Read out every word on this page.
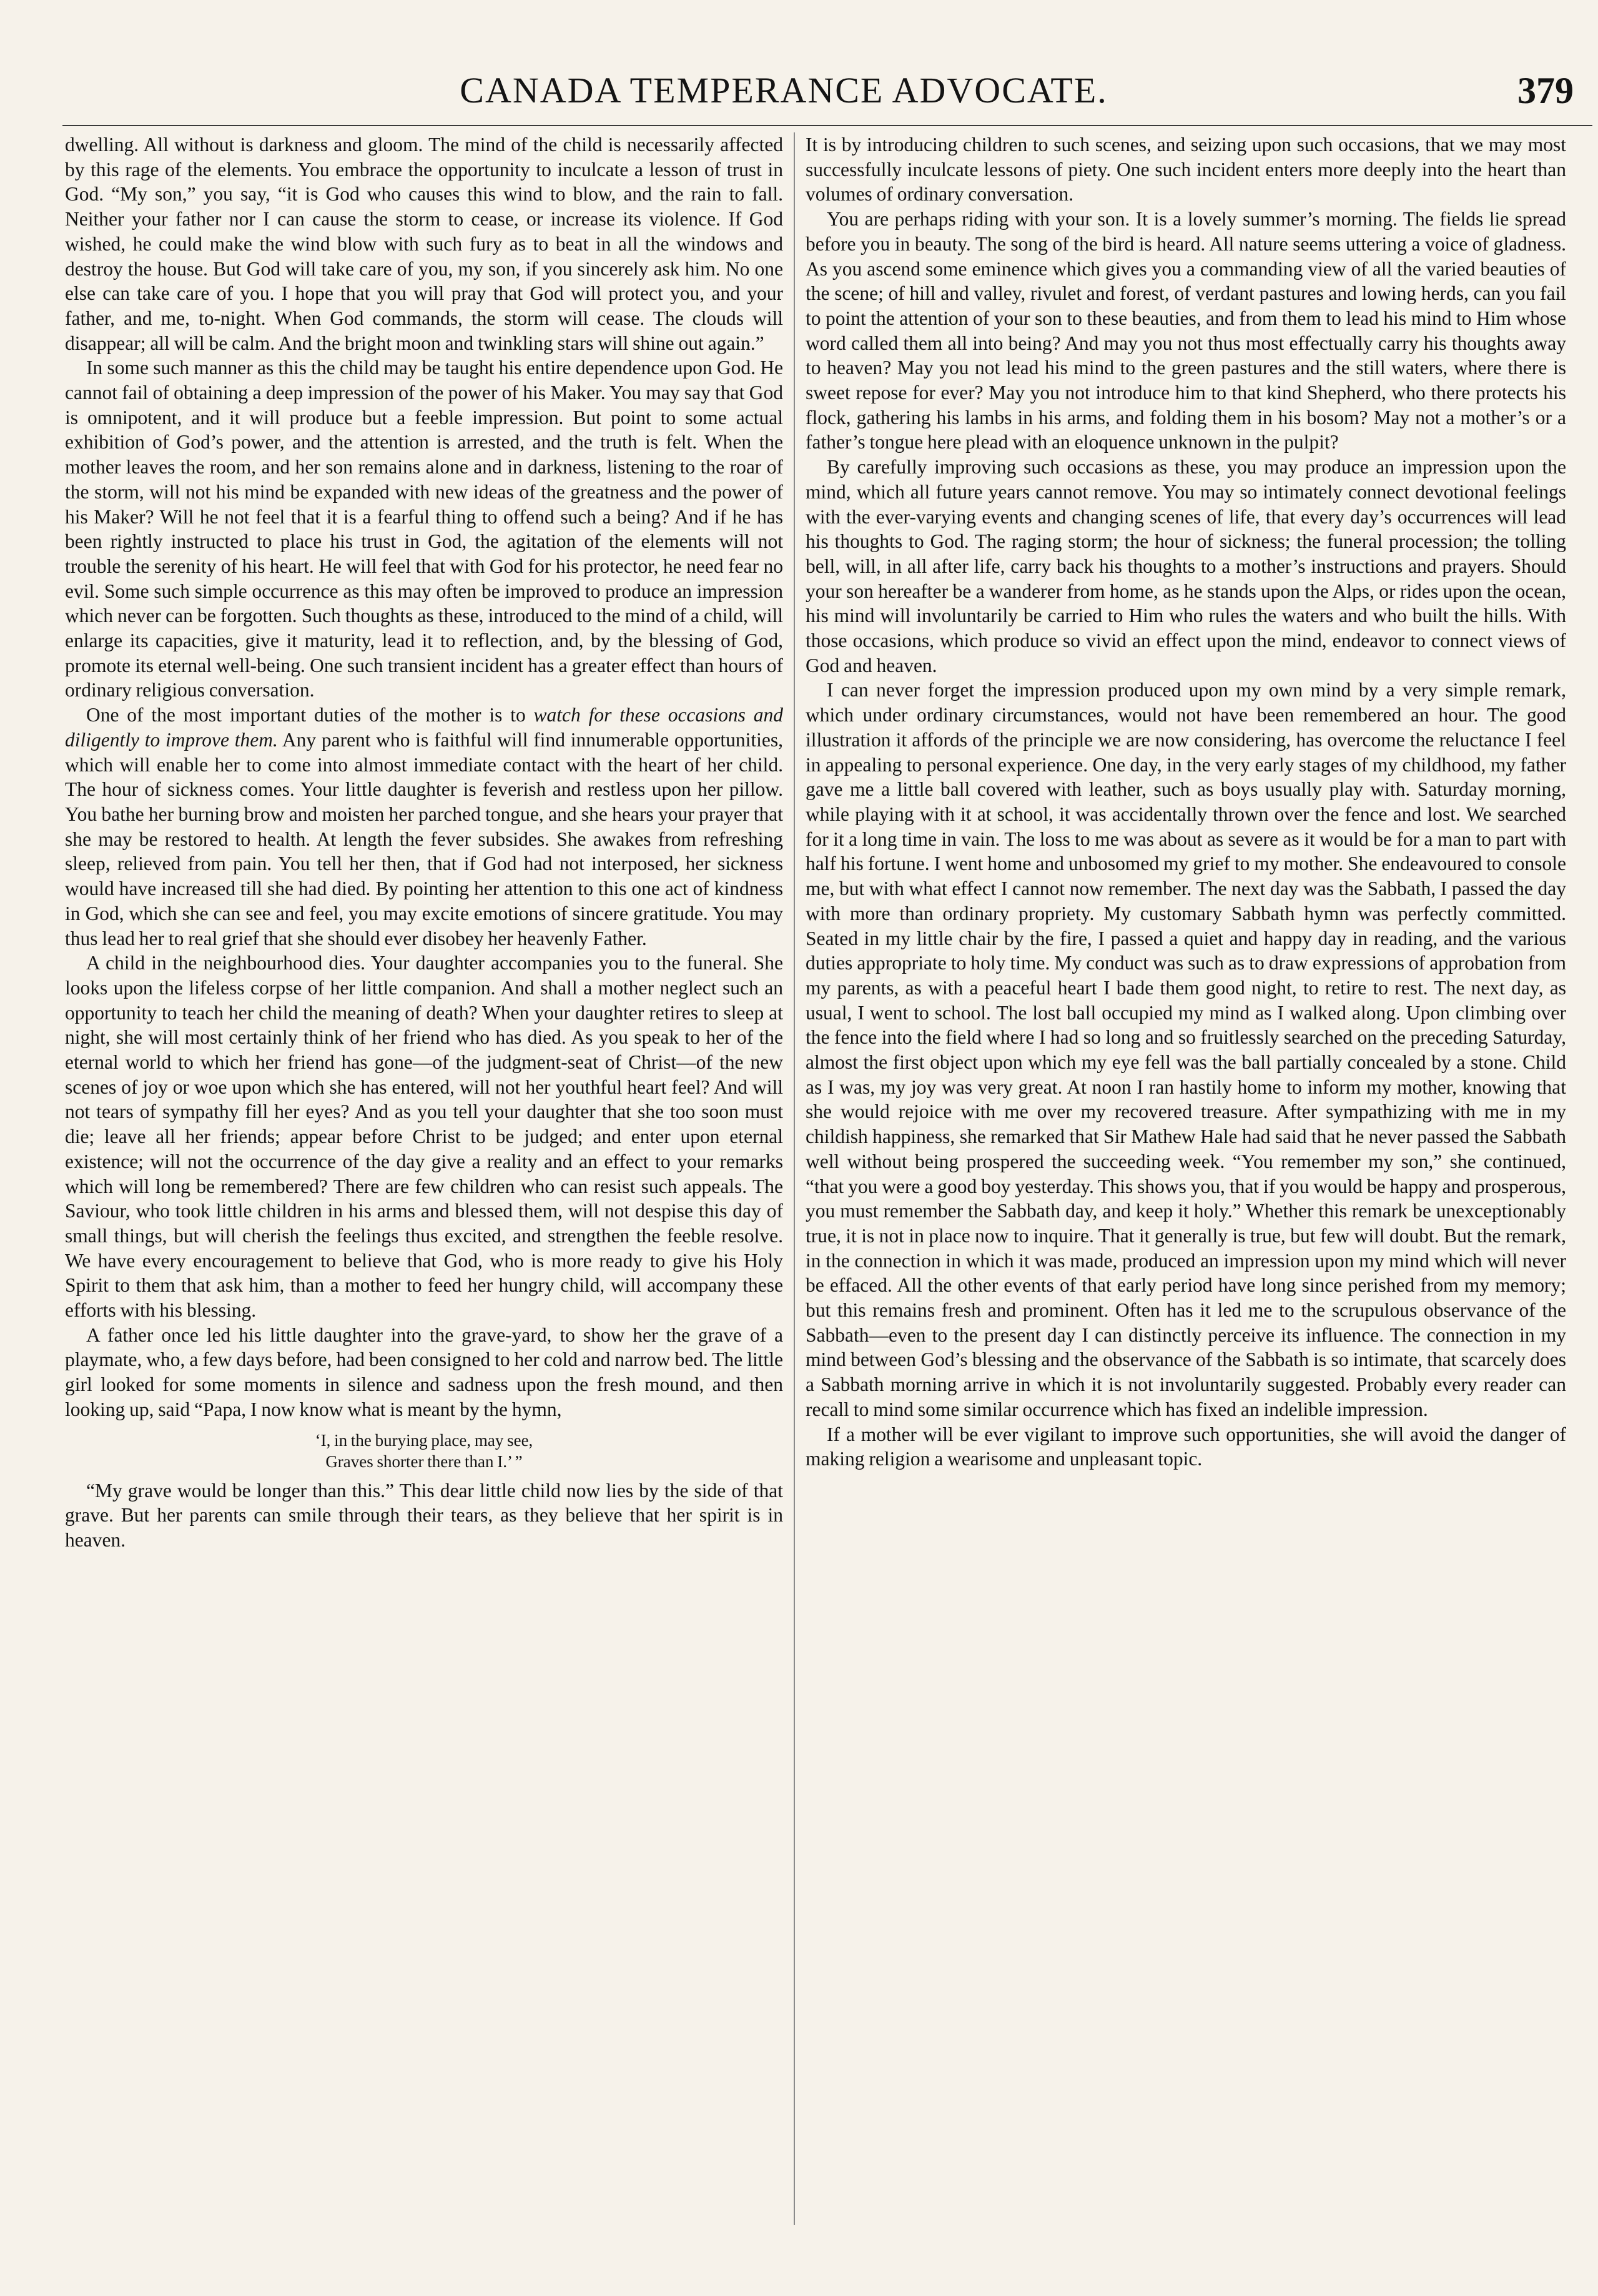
CANADA TEMPERANCE ADVOCATE.	379

dwelling. All without is darkness and gloom. The mind of the child is necessarily affected by this rage of the elements. You embrace the opportunity to inculcate a lesson of trust in God. “My son,” you say, “it is God who causes this wind to blow, and the rain to fall. Neither your father nor I can cause the storm to cease, or increase its violence. If God wished, he could make the wind blow with such fury as to beat in all the windows and destroy the house. But God will take care of you, my son, if you sincerely ask him. No one else can take care of you. I hope that you will pray that God will protect you, and your father, and me, to-night. When God commands, the storm will cease. The clouds will disappear; all will be calm. And the bright moon and twinkling stars will shine out again.”

In some such manner as this the child may be taught his entire dependence upon God. He cannot fail of obtaining a deep impression of the power of his Maker. You may say that God is omnipotent, and it will produce but a feeble impression. But point to some actual exhibition of God’s power, and the attention is arrested, and the truth is felt. When the mother leaves the room, and her son remains alone and in darkness, listening to the roar of the storm, will not his mind be expanded with new ideas of the greatness and the power of his Maker? Will he not feel that it is a fearful thing to offend such a being? And if he has been rightly instructed to place his trust in God, the agitation of the elements will not trouble the serenity of his heart. He will feel that with God for his protector, he need fear no evil. Some such simple occurrence as this may often be improved to produce an impression which never can be forgotten. Such thoughts as these, introduced to the mind of a child, will enlarge its capacities, give it maturity, lead it to reflection, and, by the blessing of God, promote its eternal well-being. One such transient incident has a greater effect than hours of ordinary religious conversation.

One of the most important duties of the mother is to watch for these occasions and diligently to improve them. Any parent who is faithful will find innumerable opportunities, which will enable her to come into almost immediate contact with the heart of her child. The hour of sickness comes. Your little daughter is feverish and restless upon her pillow. You bathe her burning brow and moisten her parched tongue, and she hears your prayer that she may be restored to health. At length the fever subsides. She awakes from refreshing sleep, relieved from pain. You tell her then, that if God had not interposed, her sickness would have increased till she had died. By pointing her attention to this one act of kindness in God, which she can see and feel, you may excite emotions of sincere gratitude. You may thus lead her to real grief that she should ever disobey her heavenly Father.

A child in the neighbourhood dies. Your daughter accompanies you to the funeral. She looks upon the lifeless corpse of her little companion. And shall a mother neglect such an opportunity to teach her child the meaning of death? When your daughter retires to sleep at night, she will most certainly think of her friend who has died. As you speak to her of the eternal world to which her friend has gone—of the judgment-seat of Christ—of the new scenes of joy or woe upon which she has entered, will not her youthful heart feel? And will not tears of sympathy fill her eyes? And as you tell your daughter that she too soon must die; leave all her friends; appear before Christ to be judged; and enter upon eternal existence; will not the occurrence of the day give a reality and an effect to your remarks which will long be remembered? There are few children who can resist such appeals. The Saviour, who took little children in his arms and blessed them, will not despise this day of small things, but will cherish the feelings thus excited, and strengthen the feeble resolve. We have every encouragement to believe that God, who is more ready to give his Holy Spirit to them that ask him, than a mother to feed her hungry child, will accompany these efforts with his blessing.

A father once led his little daughter into the grave-yard, to show her the grave of a playmate, who, a few days before, had been consigned to her cold and narrow bed. The little girl looked for some moments in silence and sadness upon the fresh mound, and then looking up, said “Papa, I now know what is meant by the hymn,

‘I, in the burying place, may see,
Graves shorter there than I.’ ”

“My grave would be longer than this.” This dear little child now lies by the side of that grave. But her parents can smile through their tears, as they believe that her spirit is in heaven.

It is by introducing children to such scenes, and seizing upon such occasions, that we may most successfully inculcate lessons of piety. One such incident enters more deeply into the heart than volumes of ordinary conversation.

You are perhaps riding with your son. It is a lovely summer’s morning. The fields lie spread before you in beauty. The song of the bird is heard. All nature seems uttering a voice of gladness. As you ascend some eminence which gives you a commanding view of all the varied beauties of the scene; of hill and valley, rivulet and forest, of verdant pastures and lowing herds, can you fail to point the attention of your son to these beauties, and from them to lead his mind to Him whose word called them all into being? And may you not thus most effectually carry his thoughts away to heaven? May you not lead his mind to the green pastures and the still waters, where there is sweet repose for ever? May you not introduce him to that kind Shepherd, who there protects his flock, gathering his lambs in his arms, and folding them in his bosom? May not a mother’s or a father’s tongue here plead with an eloquence unknown in the pulpit?

By carefully improving such occasions as these, you may produce an impression upon the mind, which all future years cannot remove. You may so intimately connect devotional feelings with the ever-varying events and changing scenes of life, that every day’s occurrences will lead his thoughts to God. The raging storm; the hour of sickness; the funeral procession; the tolling bell, will, in all after life, carry back his thoughts to a mother’s instructions and prayers. Should your son hereafter be a wanderer from home, as he stands upon the Alps, or rides upon the ocean, his mind will involuntarily be carried to Him who rules the waters and who built the hills. With those occasions, which produce so vivid an effect upon the mind, endeavor to connect views of God and heaven.

I can never forget the impression produced upon my own mind by a very simple remark, which under ordinary circumstances, would not have been remembered an hour. The good illustration it affords of the principle we are now considering, has overcome the reluctance I feel in appealing to personal experience. One day, in the very early stages of my childhood, my father gave me a little ball covered with leather, such as boys usually play with. Saturday morning, while playing with it at school, it was accidentally thrown over the fence and lost. We searched for it a long time in vain. The loss to me was about as severe as it would be for a man to part with half his fortune. I went home and unbosomed my grief to my mother. She endeavoured to console me, but with what effect I cannot now remember. The next day was the Sabbath, I passed the day with more than ordinary propriety. My customary Sabbath hymn was perfectly committed. Seated in my little chair by the fire, I passed a quiet and happy day in reading, and the various duties appropriate to holy time. My conduct was such as to draw expressions of approbation from my parents, as with a peaceful heart I bade them good night, to retire to rest. The next day, as usual, I went to school. The lost ball occupied my mind as I walked along. Upon climbing over the fence into the field where I had so long and so fruitlessly searched on the preceding Saturday, almost the first object upon which my eye fell was the ball partially concealed by a stone. Child as I was, my joy was very great. At noon I ran hastily home to inform my mother, knowing that she would rejoice with me over my recovered treasure. After sympathizing with me in my childish happiness, she remarked that Sir Mathew Hale had said that he never passed the Sabbath well without being prospered the succeeding week. “You remember my son,” she continued, “that you were a good boy yesterday. This shows you, that if you would be happy and prosperous, you must remember the Sabbath day, and keep it holy.” Whether this remark be unexceptionably true, it is not in place now to inquire. That it generally is true, but few will doubt. But the remark, in the connection in which it was made, produced an impression upon my mind which will never be effaced. All the other events of that early period have long since perished from my memory; but this remains fresh and prominent. Often has it led me to the scrupulous observance of the Sabbath—even to the present day I can distinctly perceive its influence. The connection in my mind between God’s blessing and the observance of the Sabbath is so intimate, that scarcely does a Sabbath morning arrive in which it is not involuntarily suggested. Probably every reader can recall to mind some similar occurrence which has fixed an indelible impression.

If a mother will be ever vigilant to improve such opportunities, she will avoid the danger of making religion a wearisome and unpleasant topic.
